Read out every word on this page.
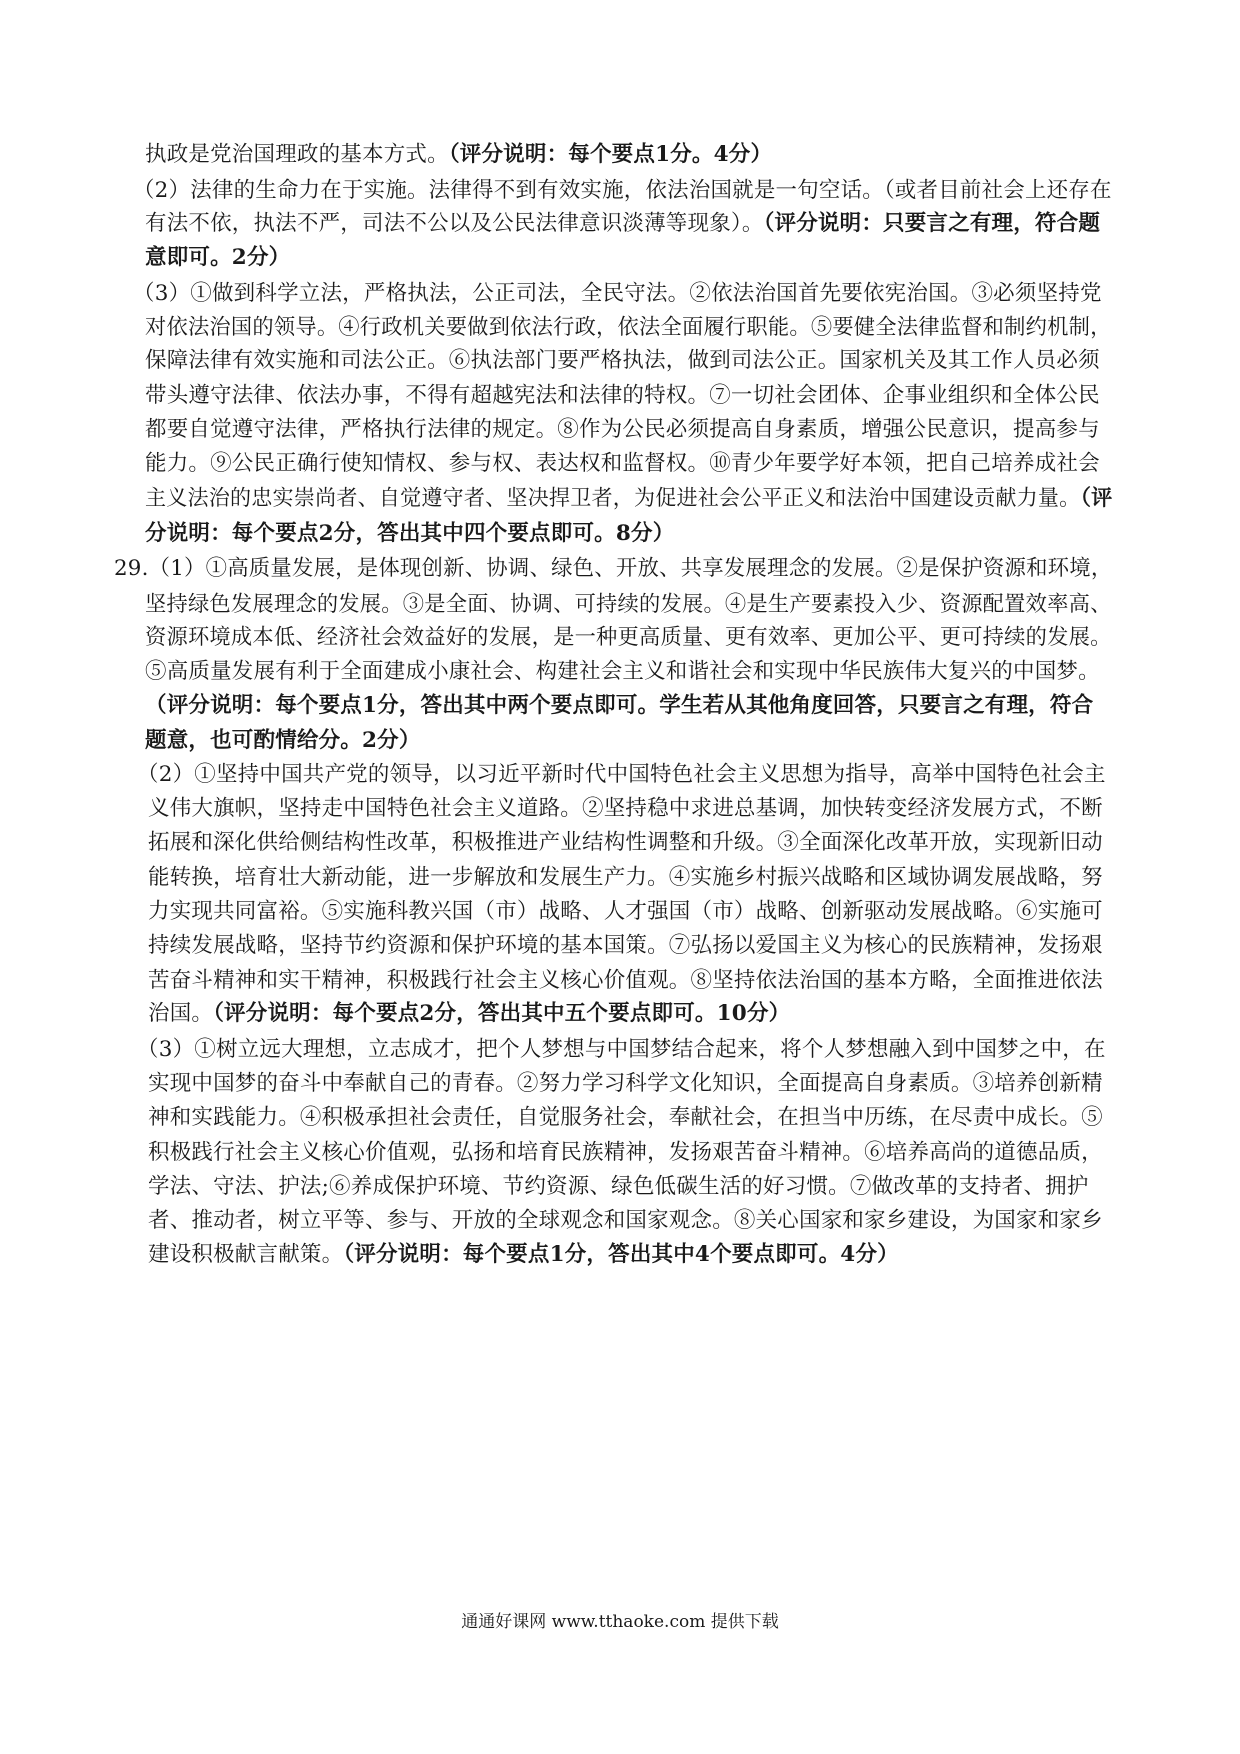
执政是党治国理政的基本方式。（评分说明：每个要点1分。4分）
（2）法律的生命力在于实施。法律得不到有效实施，依法治国就是一句空话。（或者目前社会上还存在
有法不依，执法不严，司法不公以及公民法律意识淡薄等现象）。（评分说明：只要言之有理，符合题
意即可。2分）
（3）①做到科学立法，严格执法，公正司法，全民守法。②依法治国首先要依宪治国。③必须坚持党
对依法治国的领导。④行政机关要做到依法行政，依法全面履行职能。⑤要健全法律监督和制约机制，
保障法律有效实施和司法公正。⑥执法部门要严格执法，做到司法公正。国家机关及其工作人员必须
带头遵守法律、依法办事，不得有超越宪法和法律的特权。⑦一切社会团体、企事业组织和全体公民
都要自觉遵守法律，严格执行法律的规定。⑧作为公民必须提高自身素质，增强公民意识，提高参与
能力。⑨公民正确行使知情权、参与权、表达权和监督权。⑩青少年要学好本领，把自己培养成社会
主义法治的忠实崇尚者、自觉遵守者、坚决捍卫者，为促进社会公平正义和法治中国建设贡献力量。（评
分说明：每个要点2分，答出其中四个要点即可。8分）
29.（1）①高质量发展，是体现创新、协调、绿色、开放、共享发展理念的发展。②是保护资源和环境，
坚持绿色发展理念的发展。③是全面、协调、可持续的发展。④是生产要素投入少、资源配置效率高、
资源环境成本低、经济社会效益好的发展，是一种更高质量、更有效率、更加公平、更可持续的发展。
⑤高质量发展有利于全面建成小康社会、构建社会主义和谐社会和实现中华民族伟大复兴的中国梦。
（评分说明：每个要点1分，答出其中两个要点即可。学生若从其他角度回答，只要言之有理，符合
题意，也可酌情给分。2分）
（2）①坚持中国共产党的领导，以习近平新时代中国特色社会主义思想为指导，高举中国特色社会主
义伟大旗帜，坚持走中国特色社会主义道路。②坚持稳中求进总基调，加快转变经济发展方式，不断
拓展和深化供给侧结构性改革，积极推进产业结构性调整和升级。③全面深化改革开放，实现新旧动
能转换，培育壮大新动能，进一步解放和发展生产力。④实施乡村振兴战略和区域协调发展战略，努
力实现共同富裕。⑤实施科教兴国（市）战略、人才强国（市）战略、创新驱动发展战略。⑥实施可
持续发展战略，坚持节约资源和保护环境的基本国策。⑦弘扬以爱国主义为核心的民族精神，发扬艰
苦奋斗精神和实干精神，积极践行社会主义核心价值观。⑧坚持依法治国的基本方略，全面推进依法
治国。（评分说明：每个要点2分，答出其中五个要点即可。10分）
（3）①树立远大理想，立志成才，把个人梦想与中国梦结合起来，将个人梦想融入到中国梦之中，在
实现中国梦的奋斗中奉献自己的青春。②努力学习科学文化知识，全面提高自身素质。③培养创新精
神和实践能力。④积极承担社会责任，自觉服务社会，奉献社会，在担当中历练，在尽责中成长。⑤
积极践行社会主义核心价值观，弘扬和培育民族精神，发扬艰苦奋斗精神。⑥培养高尚的道德品质，
学法、守法、护法;⑥养成保护环境、节约资源、绿色低碳生活的好习惯。⑦做改革的支持者、拥护
者、推动者，树立平等、参与、开放的全球观念和国家观念。⑧关心国家和家乡建设，为国家和家乡
建设积极献言献策。（评分说明：每个要点1分，答出其中4个要点即可。4分）
通通好课网 www.tthaoke.com 提供下载
